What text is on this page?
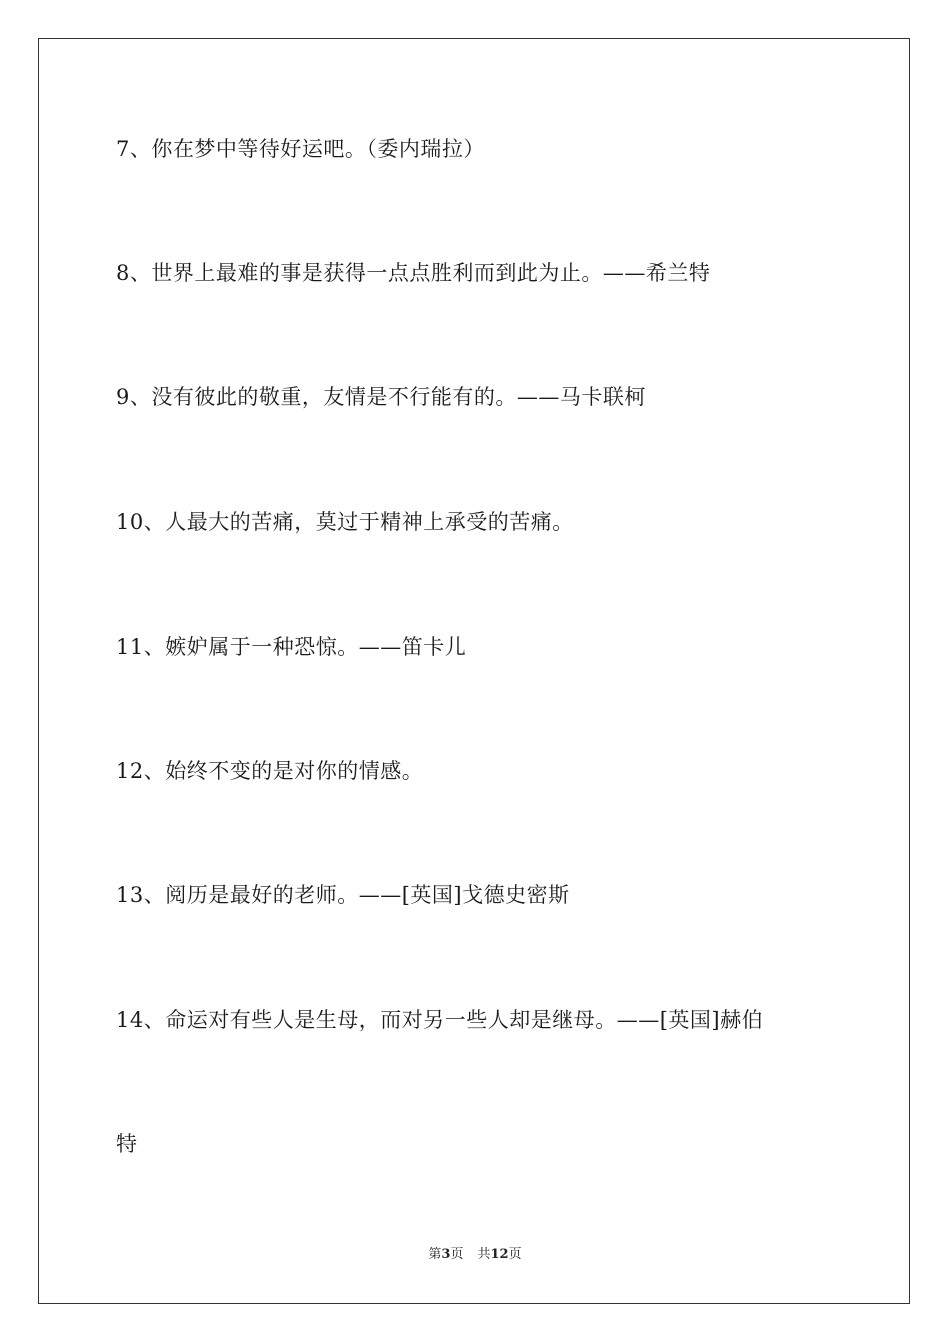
7、你在梦中等待好运吧。（委内瑞拉）
8、世界上最难的事是获得一点点胜利而到此为止。——希兰特
9、没有彼此的敬重，友情是不行能有的。——马卡联柯
10、人最大的苦痛，莫过于精神上承受的苦痛。
11、嫉妒属于一种恐惊。——笛卡儿
12、始终不变的是对你的情感。
13、阅历是最好的老师。——[英国]戈德史密斯
14、命运对有些人是生母，而对另一些人却是继母。——[英国]赫伯
特
第3页 共12页
